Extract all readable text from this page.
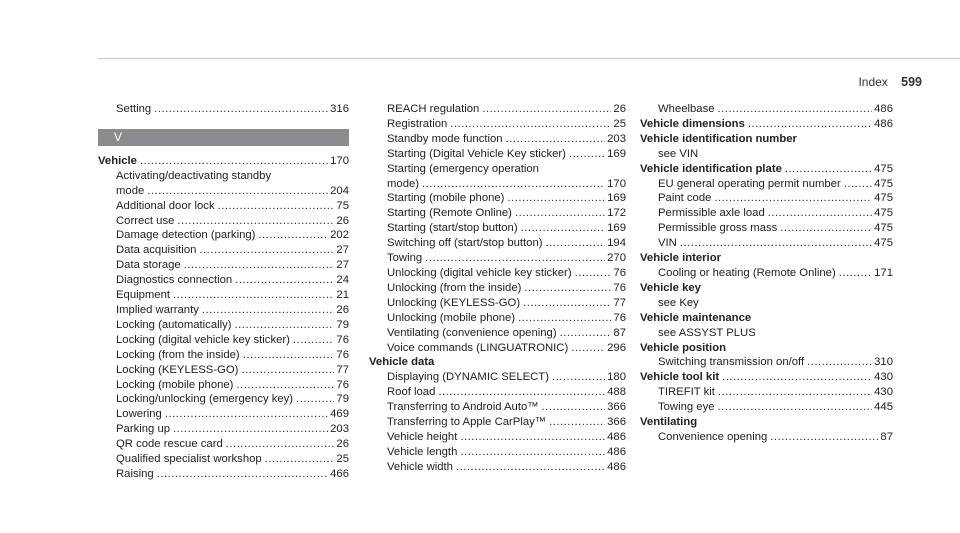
Index 599
Setting .....	316
V
Vehicle .....	170
Activating/deactivating standby
mode .....	204
Additional door lock .....	75
Correct use .....	26
Damage detection (parking) .....	202
Data acquisition .....	27
Data storage .....	27
Diagnostics connection .....	24
Equipment .....	21
Implied warranty .....	26
Locking (automatically) .....	79
Locking (digital vehicle key sticker) .....	76
Locking (from the inside) .....	76
Locking (KEYLESS-GO) .....	77
Locking (mobile phone) .....	76
Locking/unlocking (emergency key) .....	79
Lowering .....	469
Parking up .....	203
QR code rescue card .....	26
Qualified specialist workshop .....	25
Raising .....	466
REACH regulation .....	26
Registration .....	25
Standby mode function .....	203
Starting (Digital Vehicle Key sticker) .....	169
Starting (emergency operation
mode) .....	170
Starting (mobile phone) .....	169
Starting (Remote Online) .....	172
Starting (start/stop button) .....	169
Switching off (start/stop button) .....	194
Towing .....	270
Unlocking (digital vehicle key sticker) .....	76
Unlocking (from the inside) .....	76
Unlocking (KEYLESS-GO) .....	77
Unlocking (mobile phone) .....	76
Ventilating (convenience opening) .....	87
Voice commands (LINGUATRONIC) .....	296
Vehicle data
Displaying (DYNAMIC SELECT) .....	180
Roof load .....	488
Transferring to Android Auto™ .....	366
Transferring to Apple CarPlay™ .....	366
Vehicle height .....	486
Vehicle length .....	486
Vehicle width .....	486
Wheelbase .....	486
Vehicle dimensions .....	486
Vehicle identification number
see VIN
Vehicle identification plate .....	475
EU general operating permit number .....	475
Paint code .....	475
Permissible axle load .....	475
Permissible gross mass .....	475
VIN .....	475
Vehicle interior
Cooling or heating (Remote Online) .....	171
Vehicle key
see Key
Vehicle maintenance
see ASSYST PLUS
Vehicle position
Switching transmission on/off .....	310
Vehicle tool kit .....	430
TIREFIT kit .....	430
Towing eye .....	445
Ventilating
Convenience opening .....	87
